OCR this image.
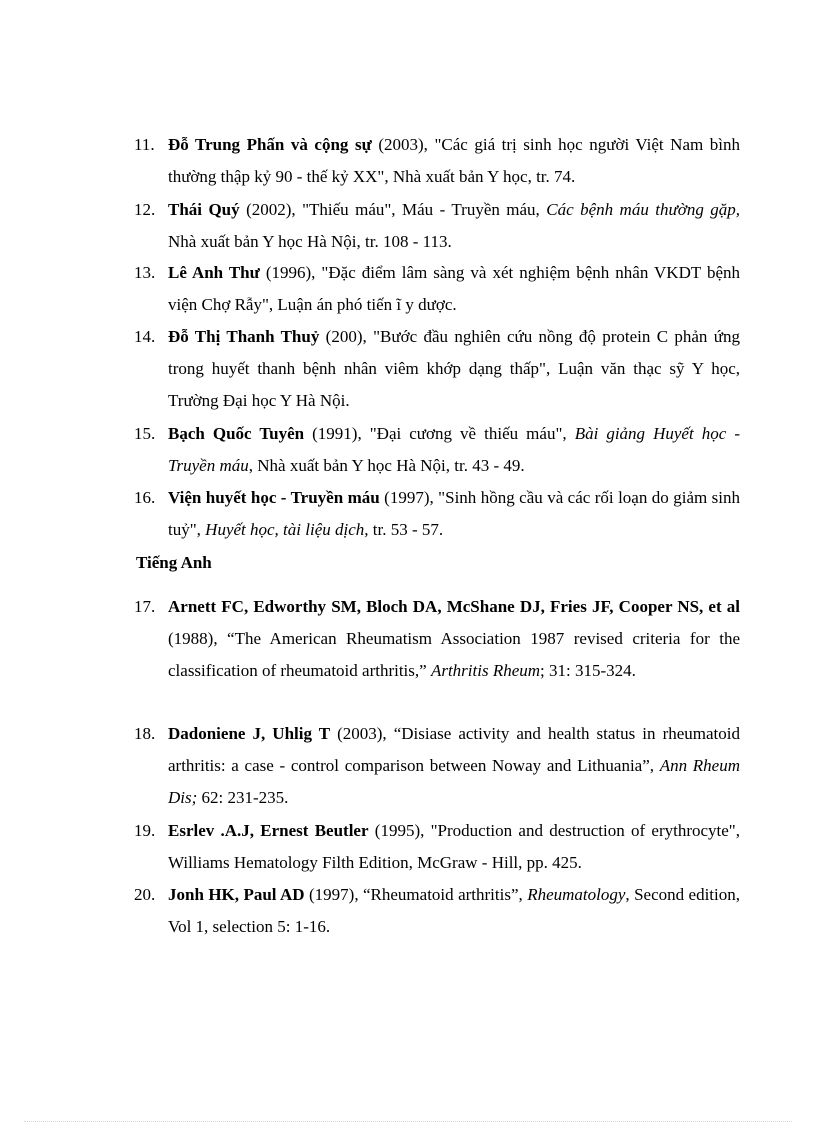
11. Đỗ Trung Phấn và cộng sự (2003), "Các giá trị sinh học người Việt Nam bình thường thập kỷ 90 - thế kỷ XX", Nhà xuất bản Y học, tr. 74.
12. Thái Quý (2002), "Thiếu máu", Máu - Truyền máu, Các bệnh máu thường gặp, Nhà xuất bản Y học Hà Nội, tr. 108 - 113.
13. Lê Anh Thư (1996), "Đặc điểm lâm sàng và xét nghiệm bệnh nhân VKDT bệnh viện Chợ Rẫy", Luận án phó tiến ĩ y dược.
14. Đỗ Thị Thanh Thuỷ (200), "Bước đầu nghiên cứu nồng độ protein C phản ứng trong huyết thanh bệnh nhân viêm khớp dạng thấp", Luận văn thạc sỹ Y học, Trường Đại học Y Hà Nội.
15. Bạch Quốc Tuyên (1991), "Đại cương về thiếu máu", Bài giảng Huyết học - Truyền máu, Nhà xuất bản Y học Hà Nội, tr. 43 - 49.
16. Viện huyết học - Truyền máu (1997), "Sinh hồng cầu và các rối loạn do giảm sinh tuỷ", Huyết học, tài liệu dịch, tr. 53 - 57.
Tiếng Anh
17. Arnett FC, Edworthy SM, Bloch DA, McShane DJ, Fries JF, Cooper NS, et al (1988), “The American Rheumatism Association 1987 revised criteria for the classification of rheumatoid arthritis,” Arthritis Rheum; 31: 315-324.
18. Dadoniene J, Uhlig T (2003), “Disiase activity and health status in rheumatoid arthritis: a case - control comparison between Noway and Lithuania”, Ann Rheum Dis; 62: 231-235.
19. Esrlev .A.J, Ernest Beutler (1995), "Production and destruction of erythrocyte", Williams Hematology Filth Edition, McGraw - Hill, pp. 425.
20. Jonh HK, Paul AD (1997), “Rheumatoid arthritis”, Rheumatology, Second edition, Vol 1, selection 5: 1-16.
